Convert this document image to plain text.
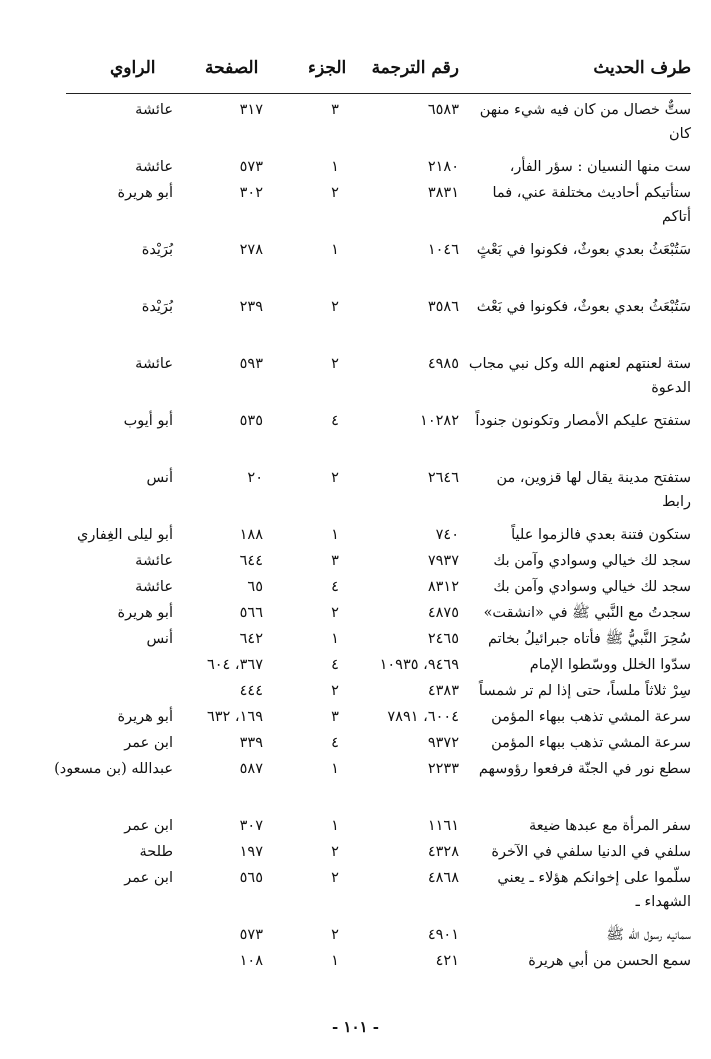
طرف الحديث
رقم الترجمة
الجزء
الصفحة
الراوي
ستٌّ خصال من كان فيه شيء منهن كان
٦٥٨٣
٣
٣١٧
عائشة
ست منها النسيان : سؤر الفأر،
٢١٨٠
١
٥٧٣
عائشة
ستأتيكم أحاديث مختلفة عني، فما أتاكم
٣٨٣١
٢
٣٠٢
أبو هريرة
سَتُبْعَثُ بعدي بعوثٌ، فكونوا في بَعْثٍ
١٠٤٦
١
٢٧٨
بُرَيْدة
سَتُبْعَثُ بعدي بعوثٌ، فكونوا في بَعْث
٣٥٨٦
٢
٢٣٩
بُرَيْدة
ستة لعنتهم لعنهم الله وكل نبي مجاب الدعوة
٤٩٨٥
٢
٥٩٣
عائشة
ستفتح عليكم الأمصار وتكونون جنوداً
١٠٢٨٢
٤
٥٣٥
أبو أيوب
ستفتح مدينة يقال لها قزوين، من رابط
٢٦٤٦
٢
٢٠
أنس
ستكون فتنة بعدي فالزموا علياً
٧٤٠
١
١٨٨
أبو ليلى الغِفاري
سجد لك خيالي وسوادي وآمن بك
٧٩٣٧
٣
٦٤٤
عائشة
سجد لك خيالي وسوادي وآمن بك
٨٣١٢
٤
٦٥
عائشة
سجدتُ مع النَّبي ﷺ في «انشقت»
٤٨٧٥
٢
٥٦٦
أبو هريرة
سُحِرَ النَّبيُّ ﷺ فأتاه جبرائيلُ بخاتم
٢٤٦٥
١
٦٤٢
أنس
سدّوا الخلل ووسّطوا الإمام
٩٤٦٩، ١٠٩٣٥
٤
٣٦٧، ٦٠٤
سِرْ ثلاثاً ملساً، حتى إذا لم تر شمساً
٤٣٨٣
٢
٤٤٤
سرعة المشي تذهب ببهاء المؤمن
٦٠٠٤، ٧٨٩١
٣
١٦٩، ٦٣٢
أبو هريرة
سرعة المشي تذهب ببهاء المؤمن
٩٣٧٢
٤
٣٣٩
ابن عمر
سطع نور في الجنّة فرفعوا رؤوسهم
٢٢٣٣
١
٥٨٧
عبدالله (بن مسعود)
سفر المرأة مع عبدها ضيعة
١١٦١
١
٣٠٧
ابن عمر
سلفي في الدنيا سلفي في الآخرة
٤٣٢٨
٢
١٩٧
طلحة
سلّموا على إخوانكم هؤلاء ـ يعني الشهداء ـ
٤٨٦٨
٢
٥٦٥
ابن عمر
سمانيه رسول الله ﷺ
٤٩٠١
٢
٥٧٣
سمع الحسن من أبي هريرة
٤٢١
١
١٠٨
- ١٠١ -
